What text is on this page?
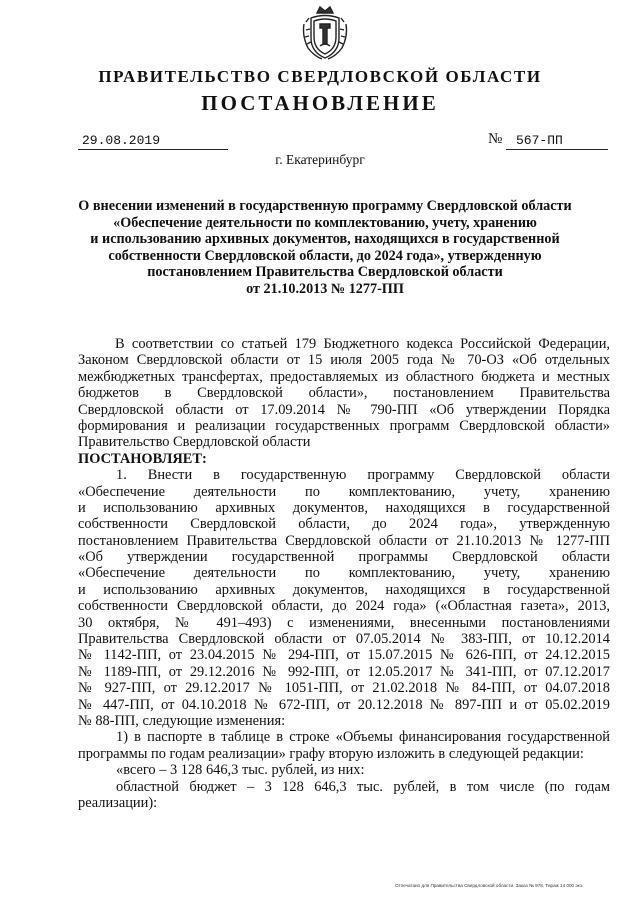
ПРАВИТЕЛЬСТВО СВЕРДЛОВСКОЙ ОБЛАСТИ
ПОСТАНОВЛЕНИЕ
29.08.2019	№ 567-ПП
г. Екатеринбург
О внесении изменений в государственную программу Свердловской области
«Обеспечение деятельности по комплектованию, учету, хранению
и использованию архивных документов, находящихся в государственной
собственности Свердловской области, до 2024 года», утвержденную
постановлением Правительства Свердловской области
от 21.10.2013 № 1277-ПП
В соответствии со статьей 179 Бюджетного кодекса Российской Федерации,
Законом Свердловской области от 15 июля 2005 года № 70-ОЗ «Об отдельных
межбюджетных трансфертах, предоставляемых из областного бюджета и местных
бюджетов в Свердловской области», постановлением Правительства
Свердловской области от 17.09.2014 № 790-ПП «Об утверждении Порядка
формирования и реализации государственных программ Свердловской области»
Правительство Свердловской области
ПОСТАНОВЛЯЕТ:
1. Внести в государственную программу Свердловской области
«Обеспечение деятельности по комплектованию, учету, хранению
и использованию архивных документов, находящихся в государственной
собственности Свердловской области, до 2024 года», утвержденную
постановлением Правительства Свердловской области от 21.10.2013 № 1277-ПП
«Об утверждении государственной программы Свердловской области
«Обеспечение деятельности по комплектованию, учету, хранению
и использованию архивных документов, находящихся в государственной
собственности Свердловской области, до 2024 года» («Областная газета», 2013,
30 октября, № 491–493) с изменениями, внесенными постановлениями
Правительства Свердловской области от 07.05.2014 № 383-ПП, от 10.12.2014
№ 1142-ПП, от 23.04.2015 № 294-ПП, от 15.07.2015 № 626-ПП, от 24.12.2015
№ 1189-ПП, от 29.12.2016 № 992-ПП, от 12.05.2017 № 341-ПП, от 07.12.2017
№ 927-ПП, от 29.12.2017 № 1051-ПП, от 21.02.2018 № 84-ПП, от 04.07.2018
№ 447-ПП, от 04.10.2018 № 672-ПП, от 20.12.2018 № 897-ПП и от 05.02.2019
№ 88-ПП, следующие изменения:
1) в паспорте в таблице в строке «Объемы финансирования государственной
программы по годам реализации» графу вторую изложить в следующей редакции:
«всего – 3 128 646,3 тыс. рублей, из них:
областной бюджет – 3 128 646,3 тыс. рублей, в том числе (по годам
реализации):
Отпечатано для Правительства Свердловской области. Заказ № 978. Тираж 14 000 экз.
